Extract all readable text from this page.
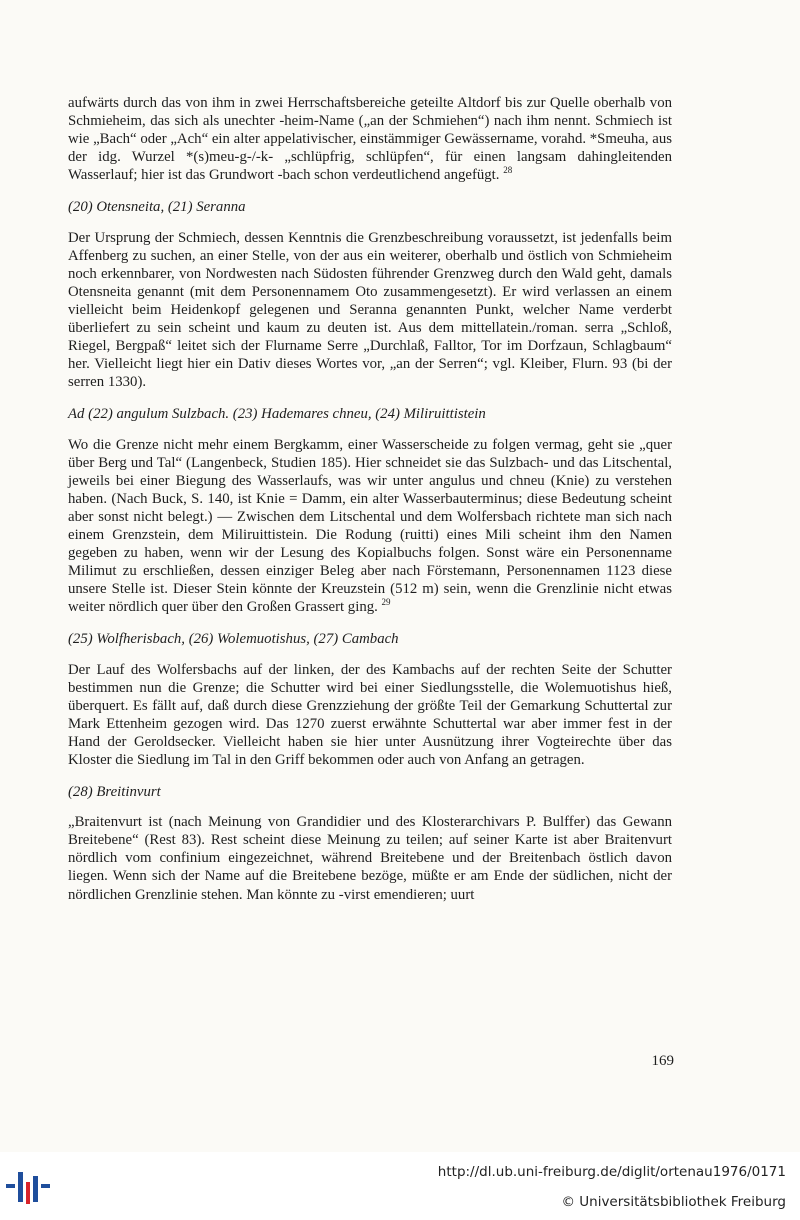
aufwärts durch das von ihm in zwei Herrschaftsbereiche geteilte Altdorf bis zur Quelle oberhalb von Schmieheim, das sich als unechter -heim-Name („an der Schmiehen“) nach ihm nennt. Schmiech ist wie „Bach“ oder „Ach“ ein alter appelativischer, einstämmiger Gewässername, vorahd. *Smeuha, aus der idg. Wurzel *(s)meu-g-/-k- „schlüpfrig, schlüpfen“, für einen langsam dahingleitenden Wasserlauf; hier ist das Grundwort -bach schon verdeutlichend angefügt. $^{28}$

(20) Otensneita, (21) Seranna

Der Ursprung der Schmiech, dessen Kenntnis die Grenzbeschreibung voraussetzt, ist jedenfalls beim Affenberg zu suchen, an einer Stelle, von der aus ein weiterer, oberhalb und östlich von Schmieheim noch erkennbarer, von Nordwesten nach Südosten führender Grenzweg durch den Wald geht, damals Otensneita genannt (mit dem Personennamem Oto zusammengesetzt). Er wird verlassen an einem vielleicht beim Heidenkopf gelegenen und Seranna genannten Punkt, welcher Name verderbt überliefert zu sein scheint und kaum zu deuten ist. Aus dem mittellatein./roman. serra „Schloß, Riegel, Bergpaß“ leitet sich der Flurname Serre „Durchlaß, Falltor, Tor im Dorfzaun, Schlagbaum“ her. Vielleicht liegt hier ein Dativ dieses Wortes vor, „an der Serren“; vgl. Kleiber, Flurn. 93 (bi der serren 1330).

Ad (22) angulum Sulzbach. (23) Hademares chneu, (24) Miliruittistein

Wo die Grenze nicht mehr einem Bergkamm, einer Wasserscheide zu folgen vermag, geht sie „quer über Berg und Tal“ (Langenbeck, Studien 185). Hier schneidet sie das Sulzbach- und das Litschental, jeweils bei einer Biegung des Wasserlaufs, was wir unter angulus und chneu (Knie) zu verstehen haben. (Nach Buck, S. 140, ist Knie = Damm, ein alter Wasserbauterminus; diese Bedeutung scheint aber sonst nicht belegt.) — Zwischen dem Litschental und dem Wolfersbach richtete man sich nach einem Grenzstein, dem Miliruittistein. Die Rodung (ruitti) eines Mili scheint ihm den Namen gegeben zu haben, wenn wir der Lesung des Kopialbuchs folgen. Sonst wäre ein Personenname Milimut zu erschließen, dessen einziger Beleg aber nach Förstemann, Personennamen 1123 diese unsere Stelle ist. Dieser Stein könnte der Kreuzstein (512 m) sein, wenn die Grenzlinie nicht etwas weiter nördlich quer über den Großen Grassert ging. $^{29}$

(25) Wolfherisbach, (26) Wolemuotishus, (27) Cambach

Der Lauf des Wolfersbachs auf der linken, der des Kambachs auf der rechten Seite der Schutter bestimmen nun die Grenze; die Schutter wird bei einer Siedlungsstelle, die Wolemuotishus hieß, überquert. Es fällt auf, daß durch diese Grenzziehung der größte Teil der Gemarkung Schuttertal zur Mark Ettenheim gezogen wird. Das 1270 zuerst erwähnte Schuttertal war aber immer fest in der Hand der Geroldsecker. Vielleicht haben sie hier unter Ausnützung ihrer Vogteirechte über das Kloster die Siedlung im Tal in den Griff bekommen oder auch von Anfang an getragen.

(28) Breitinvurt

„Braitenvurt ist (nach Meinung von Grandidier und des Klosterarchivars P. Bulffer) das Gewann Breitebene“ (Rest 83). Rest scheint diese Meinung zu teilen; auf seiner Karte ist aber Braitenvurt nördlich vom confinium eingezeichnet, während Breitebene und der Breitenbach östlich davon liegen. Wenn sich der Name auf die Breitebene bezöge, müßte er am Ende der südlichen, nicht der nördlichen Grenzlinie stehen. Man könnte zu -virst emendieren; uurt

169
http://dl.ub.uni-freiburg.de/diglit/ortenau1976/0171
© Universitätsbibliothek Freiburg
